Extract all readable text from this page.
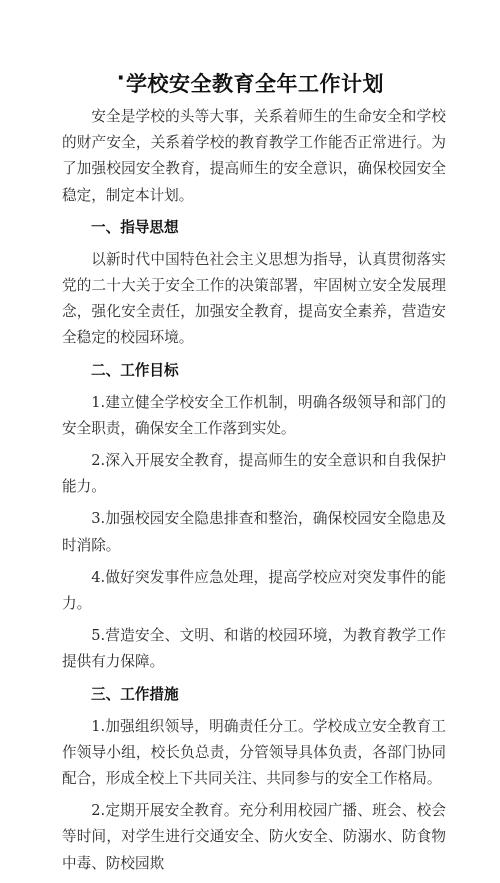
·学校安全教育全年工作计划

安全是学校的头等大事，关系着师生的生命安全和学校的财产安全，关系着学校的教育教学工作能否正常进行。为了加强校园安全教育，提高师生的安全意识，确保校园安全稳定，制定本计划。

一、指导思想

以新时代中国特色社会主义思想为指导，认真贯彻落实党的二十大关于安全工作的决策部署，牢固树立安全发展理念，强化安全责任，加强安全教育，提高安全素养，营造安全稳定的校园环境。

二、工作目标

1.建立健全学校安全工作机制，明确各级领导和部门的安全职责，确保安全工作落到实处。

2.深入开展安全教育，提高师生的安全意识和自我保护能力。

3.加强校园安全隐患排查和整治，确保校园安全隐患及时消除。

4.做好突发事件应急处理，提高学校应对突发事件的能力。

5.营造安全、文明、和谐的校园环境，为教育教学工作提供有力保障。

三、工作措施

1.加强组织领导，明确责任分工。学校成立安全教育工作领导小组，校长负总责，分管领导具体负责，各部门协同配合，形成全校上下共同关注、共同参与的安全工作格局。

2.定期开展安全教育。充分利用校园广播、班会、校会等时间，对学生进行交通安全、防火安全、防溺水、防食物中毒、防校园欺
